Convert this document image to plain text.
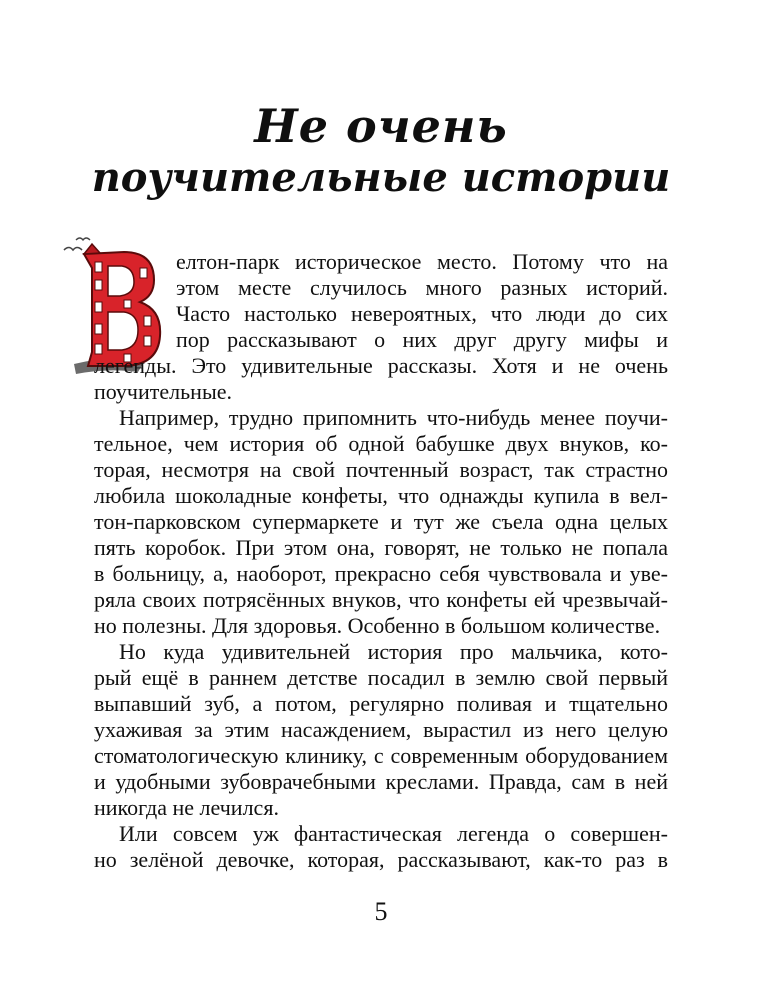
Не очень
поучительные истории
елтон-парк историческое место. Потому что на
этом месте случилось много разных историй.
Часто настолько невероятных, что люди до сих
пор рассказывают о них друг другу мифы и
легенды. Это удивительные рассказы. Хотя и не очень
поучительные.
Например, трудно припомнить что-нибудь менее поучи-
тельное, чем история об одной бабушке двух внуков, ко-
торая, несмотря на свой почтенный возраст, так страстно
любила шоколадные конфеты, что однажды купила в вел-
тон-парковском супермаркете и тут же съела одна целых
пять коробок. При этом она, говорят, не только не попала
в больницу, а, наоборот, прекрасно себя чувствовала и уве-
ряла своих потрясённых внуков, что конфеты ей чрезвычай-
но полезны. Для здоровья. Особенно в большом количестве.
Но куда удивительней история про мальчика, кото-
рый ещё в раннем детстве посадил в землю свой первый
выпавший зуб, а потом, регулярно поливая и тщательно
ухаживая за этим насаждением, вырастил из него целую
стоматологическую клинику, с современным оборудованием
и удобными зубоврачебными креслами. Правда, сам в ней
никогда не лечился.
Или совсем уж фантастическая легенда о совершен-
но зелёной девочке, которая, рассказывают, как-то раз в
5
